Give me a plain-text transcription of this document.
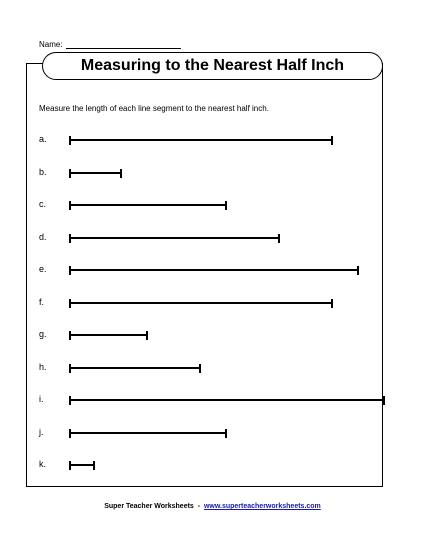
Name:
Measuring to the Nearest Half Inch
Measure the length of each line segment to the nearest half inch.
a.
b.
c.
d.
e.
f.
g.
h.
i.
j.
k.
Super Teacher Worksheets - www.superteacherworksheets.com
